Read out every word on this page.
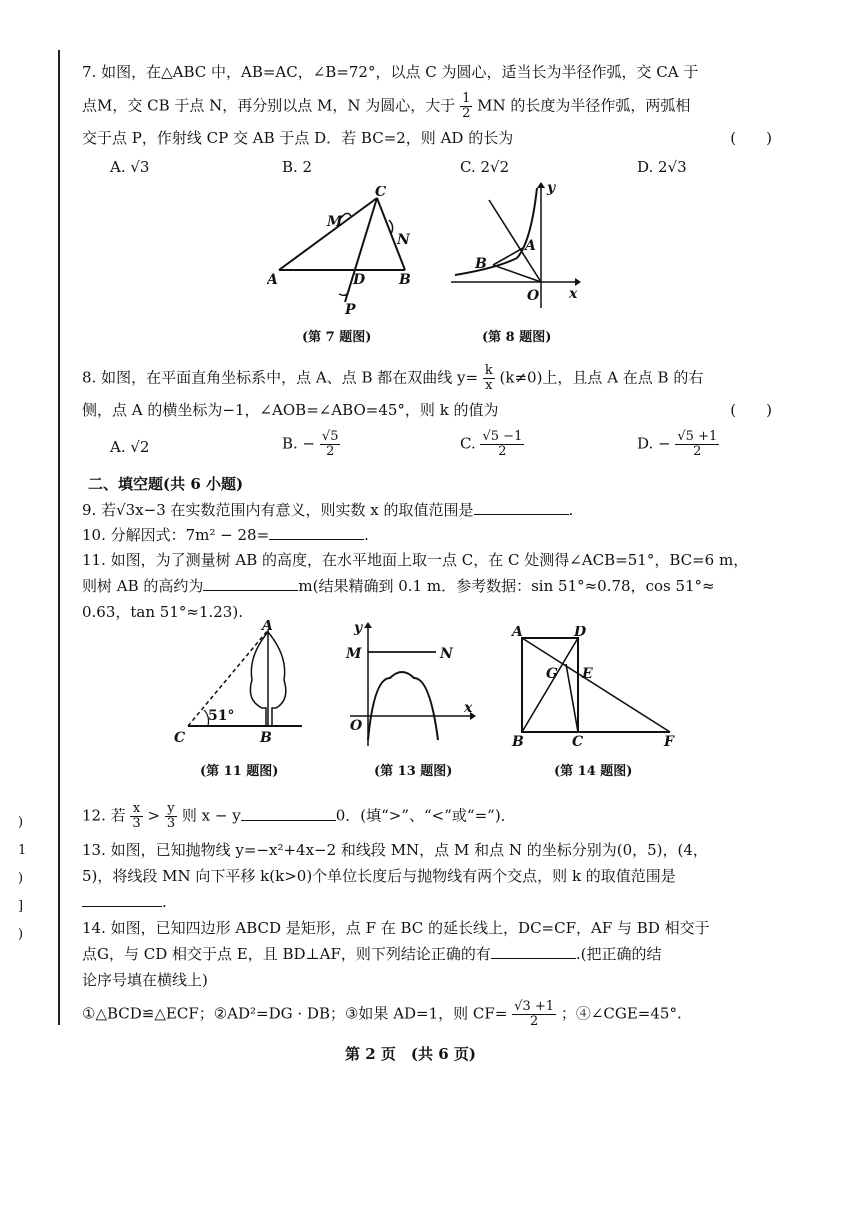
)
1
)
]
)
7. 如图，在△ABC 中，AB=AC，∠B=72°，以点 C 为圆心，适当长为半径作弧，交 CA 于
点M，交 CB 于点 N，再分别以点 M，N 为圆心，大于 $\frac{1}{2}$ MN 的长度为半径作弧，两弧相
交于点 P，作射线 CP 交 AB 于点 D．若 BC=2，则 AD 的长为	(　　)
A. √3	B. 2	C. 2√2	D. 2√3
A	B
C
D
M
N
P
(第 7 题图)
A
B
O x
y
(第 8 题图)
8. 如图，在平面直角坐标系中，点 A、点 B 都在双曲线 $y= \frac{k}{x} (k\ne 0)$上，且点 A 在点 B 的右
侧，点 A 的横坐标为−1，∠AOB=∠ABO=45°，则 k 的值为	(　　)
A. √2	B. − $\frac{√5}{2}$	C. $\frac{√5 -1}{2}$	D. − $\frac{√5 +1}{2}$
二、填空题(共 6 小题)
9. 若√3x−3 在实数范围内有意义，则实数 x 的取值范围是	.
10. 分解因式：7m² − 28=	.
11. 如图，为了测量树 AB 的高度，在水平地面上取一点 C，在 C 处测得∠ACB=51°，BC=6 m，
则树 AB 的高约为	m(结果精确到 0.1 m．参考数据：sin 51°≈0.78，cos 51°≈
0.63，tan 51°≈1.23).
C	B
A
51°
(第 11 题图)
M	N
O
x
y
(第 13 题图)
A
B	C
D
E
F
G
(第 14 题图)
12. 若 $\frac{x}{3} > \frac{y}{3}$ 则 x − y	0．(填“>”、“<”或“=”)．
13. 如图，已知抛物线 y=−x²+4x−2 和线段 MN，点 M 和点 N 的坐标分别为(0，5)，(4，
5)，将线段 MN 向下平移 k(k>0)个单位长度后与抛物线有两个交点，则 k 的取值范围是
.
14. 如图，已知四边形 ABCD 是矩形，点 F 在 BC 的延长线上，DC=CF，AF 与 BD 相交于
点G，与 CD 相交于点 E，且 BD⊥AF，则下列结论正确的有	.(把正确的结
论序号填在横线上)
①△BCD≌△ECF；②AD²=DG · DB；③如果 AD=1，则 $CF= \frac{√3 +1}{2}$ ；④∠CGE=45°.
第 2 页　(共 6 页)
